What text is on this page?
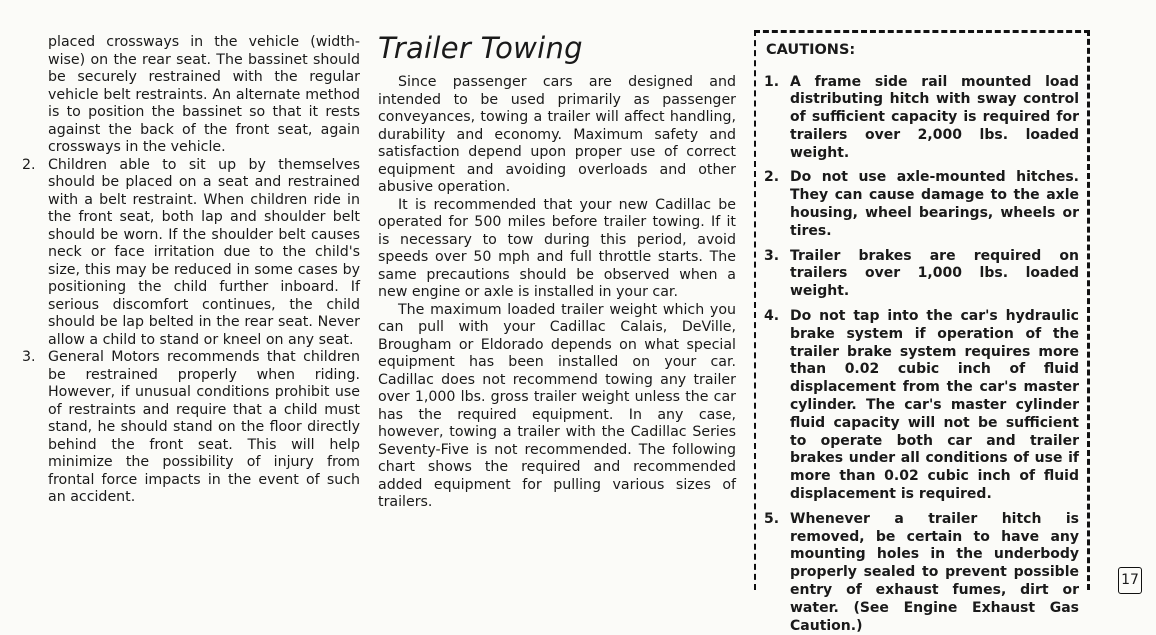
placed crossways in the vehicle (width-wise) on the rear seat. The bassinet should be securely restrained with the regular vehicle belt restraints. An alternate method is to position the bassinet so that it rests against the back of the front seat, again crossways in the vehicle.

2. Children able to sit up by themselves should be placed on a seat and restrained with a belt restraint. When children ride in the front seat, both lap and shoulder belt should be worn. If the shoulder belt causes neck or face irritation due to the child's size, this may be reduced in some cases by positioning the child further inboard. If serious discomfort continues, the child should be lap belted in the rear seat. Never allow a child to stand or kneel on any seat.
3. General Motors recommends that children be restrained properly when riding. However, if unusual conditions prohibit use of restraints and require that a child must stand, he should stand on the floor directly behind the front seat. This will help minimize the possibility of injury from frontal force impacts in the event of such an accident.
Trailer Towing

Since passenger cars are designed and intended to be used primarily as passenger conveyances, towing a trailer will affect handling, durability and economy. Maximum safety and satisfaction depend upon proper use of correct equipment and avoiding overloads and other abusive operation.

It is recommended that your new Cadillac be operated for 500 miles before trailer towing. If it is necessary to tow during this period, avoid speeds over 50 mph and full throttle starts. The same precautions should be observed when a new engine or axle is installed in your car.

The maximum loaded trailer weight which you can pull with your Cadillac Calais, DeVille, Brougham or Eldorado depends on what special equipment has been installed on your car. Cadillac does not recommend towing any trailer over 1,000 lbs. gross trailer weight unless the car has the required equipment. In any case, however, towing a trailer with the Cadillac Series Seventy-Five is not recommended. The following chart shows the required and recommended added equipment for pulling various sizes of trailers.

CAUTIONS:
1. A frame side rail mounted load distributing hitch with sway control of sufficient capacity is required for trailers over 2,000 lbs. loaded weight.
2. Do not use axle-mounted hitches. They can cause damage to the axle housing, wheel bearings, wheels or tires.
3. Trailer brakes are required on trailers over 1,000 lbs. loaded weight.
4. Do not tap into the car's hydraulic brake system if operation of the trailer brake system requires more than 0.02 cubic inch of fluid displacement from the car's master cylinder. The car's master cylinder fluid capacity will not be sufficient to operate both car and trailer brakes under all conditions of use if more than 0.02 cubic inch of fluid displacement is required.
5. Whenever a trailer hitch is removed, be certain to have any mounting holes in the underbody properly sealed to prevent possible entry of exhaust fumes, dirt or water. (See Engine Exhaust Gas Caution.)
17
